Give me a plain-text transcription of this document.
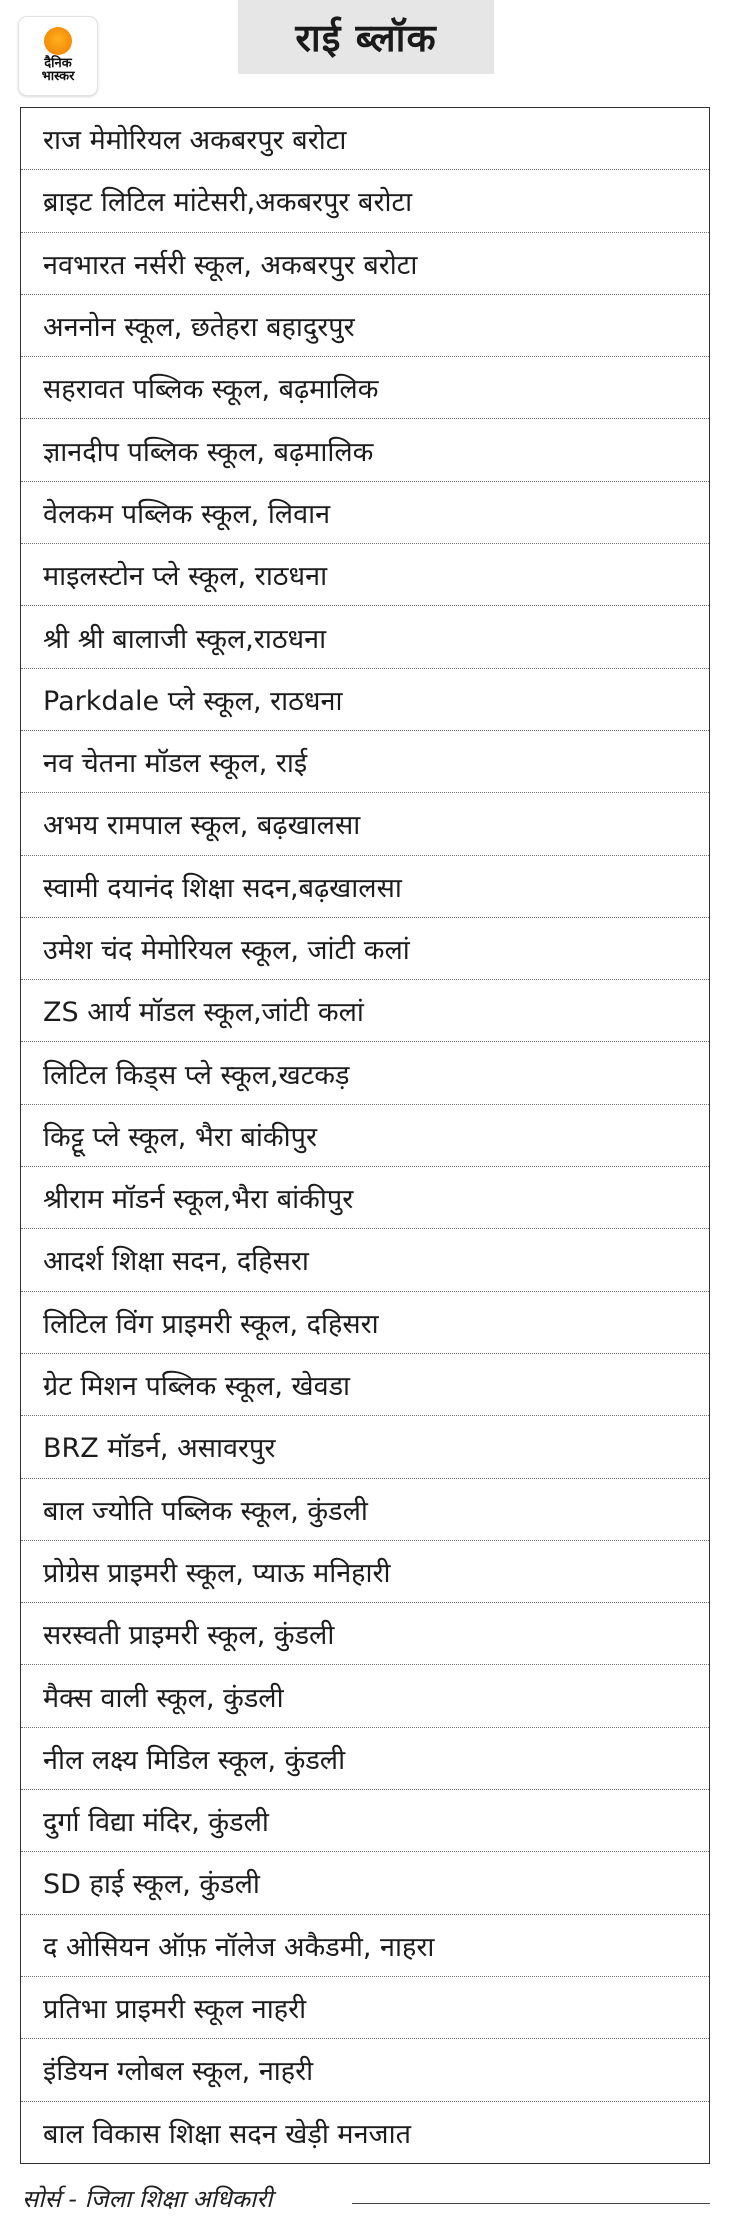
दैनिक
भास्कर
राई ब्लॉक
राज मेमोरियल अकबरपुर बरोटा
ब्राइट लिटिल मांटेसरी,अकबरपुर बरोटा
नवभारत नर्सरी स्कूल, अकबरपुर बरोटा
अननोन स्कूल, छतेहरा बहादुरपुर
सहरावत पब्लिक स्कूल, बढ़मालिक
ज्ञानदीप पब्लिक स्कूल, बढ़मालिक
वेलकम पब्लिक स्कूल, लिवान
माइलस्टोन प्ले स्कूल, राठधना
श्री श्री बालाजी स्कूल,राठधना
Parkdale प्ले स्कूल, राठधना
नव चेतना मॉडल स्कूल, राई
अभय रामपाल स्कूल, बढ़खालसा
स्वामी दयानंद शिक्षा सदन,बढ़खालसा
उमेश चंद मेमोरियल स्कूल, जांटी कलां
ZS आर्य मॉडल स्कूल,जांटी कलां
लिटिल किड्स प्ले स्कूल,खटकड़
किट्टू प्ले स्कूल, भैरा बांकीपुर
श्रीराम मॉडर्न स्कूल,भैरा बांकीपुर
आदर्श शिक्षा सदन, दहिसरा
लिटिल विंग प्राइमरी स्कूल, दहिसरा
ग्रेट मिशन पब्लिक स्कूल, खेवडा
BRZ मॉडर्न, असावरपुर
बाल ज्योति पब्लिक स्कूल, कुंडली
प्रोग्रेस प्राइमरी स्कूल, प्याऊ मनिहारी
सरस्वती प्राइमरी स्कूल, कुंडली
मैक्स वाली स्कूल, कुंडली
नील लक्ष्य मिडिल स्कूल, कुंडली
दुर्गा विद्या मंदिर, कुंडली
SD हाई स्कूल, कुंडली
द ओसियन ऑफ़ नॉलेज अकैडमी, नाहरा
प्रतिभा प्राइमरी स्कूल नाहरी
इंडियन ग्लोबल स्कूल, नाहरी
बाल विकास शिक्षा सदन खेड़ी मनजात
सोर्स - जिला शिक्षा अधिकारी
